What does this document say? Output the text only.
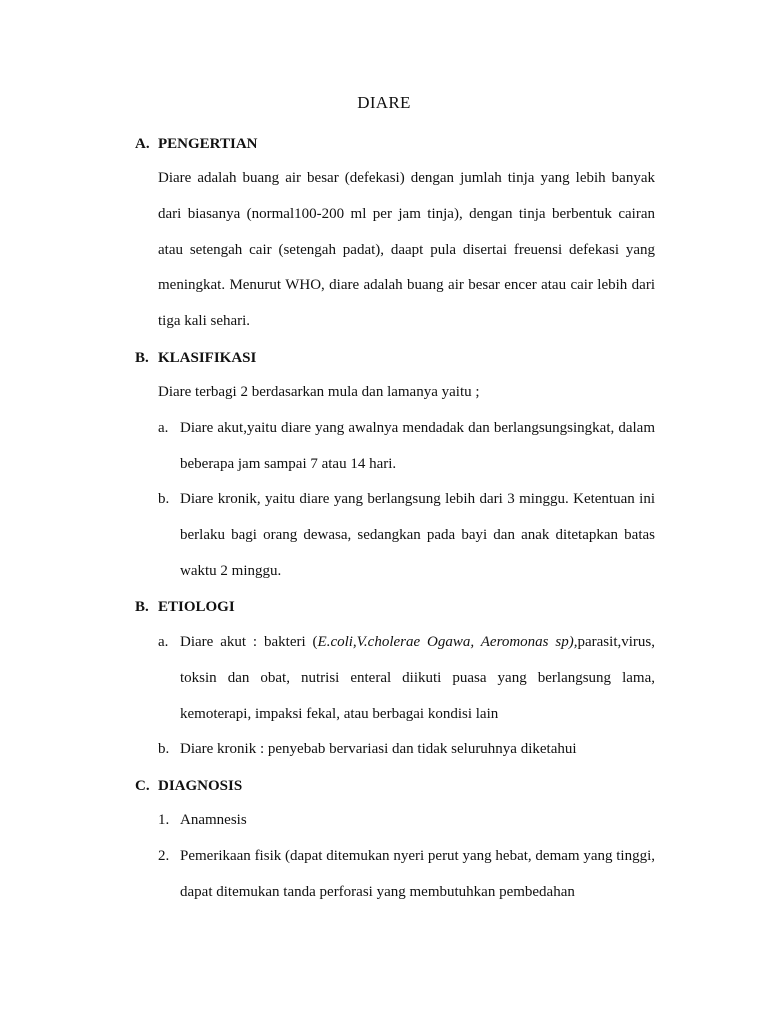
DIARE
A. PENGERTIAN

Diare adalah buang air besar (defekasi) dengan jumlah tinja yang lebih banyak dari biasanya (normal100-200 ml per jam tinja), dengan tinja berbentuk cairan atau setengah cair (setengah padat), daapt pula disertai freuensi defekasi yang meningkat. Menurut WHO, diare adalah buang air besar encer atau cair lebih dari tiga kali sehari.

B. KLASIFIKASI

Diare terbagi 2 berdasarkan mula dan lamanya yaitu ;

a. Diare akut,yaitu diare yang awalnya mendadak dan berlangsungsingkat, dalam beberapa jam sampai 7 atau 14 hari.
b. Diare kronik, yaitu diare yang berlangsung lebih dari 3 minggu. Ketentuan ini berlaku bagi orang dewasa, sedangkan pada bayi dan anak ditetapkan batas waktu 2 minggu.
B. ETIOLOGI
a. Diare akut : bakteri (E.coli,V.cholerae Ogawa, Aeromonas sp),parasit,virus, toksin dan obat, nutrisi enteral diikuti puasa yang berlangsung lama, kemoterapi, impaksi fekal, atau berbagai kondisi lain
b. Diare kronik : penyebab bervariasi dan tidak seluruhnya diketahui
C. DIAGNOSIS
1. Anamnesis
2. Pemerikaan fisik (dapat ditemukan nyeri perut yang hebat, demam yang tinggi, dapat ditemukan tanda perforasi yang membutuhkan pembedahan
